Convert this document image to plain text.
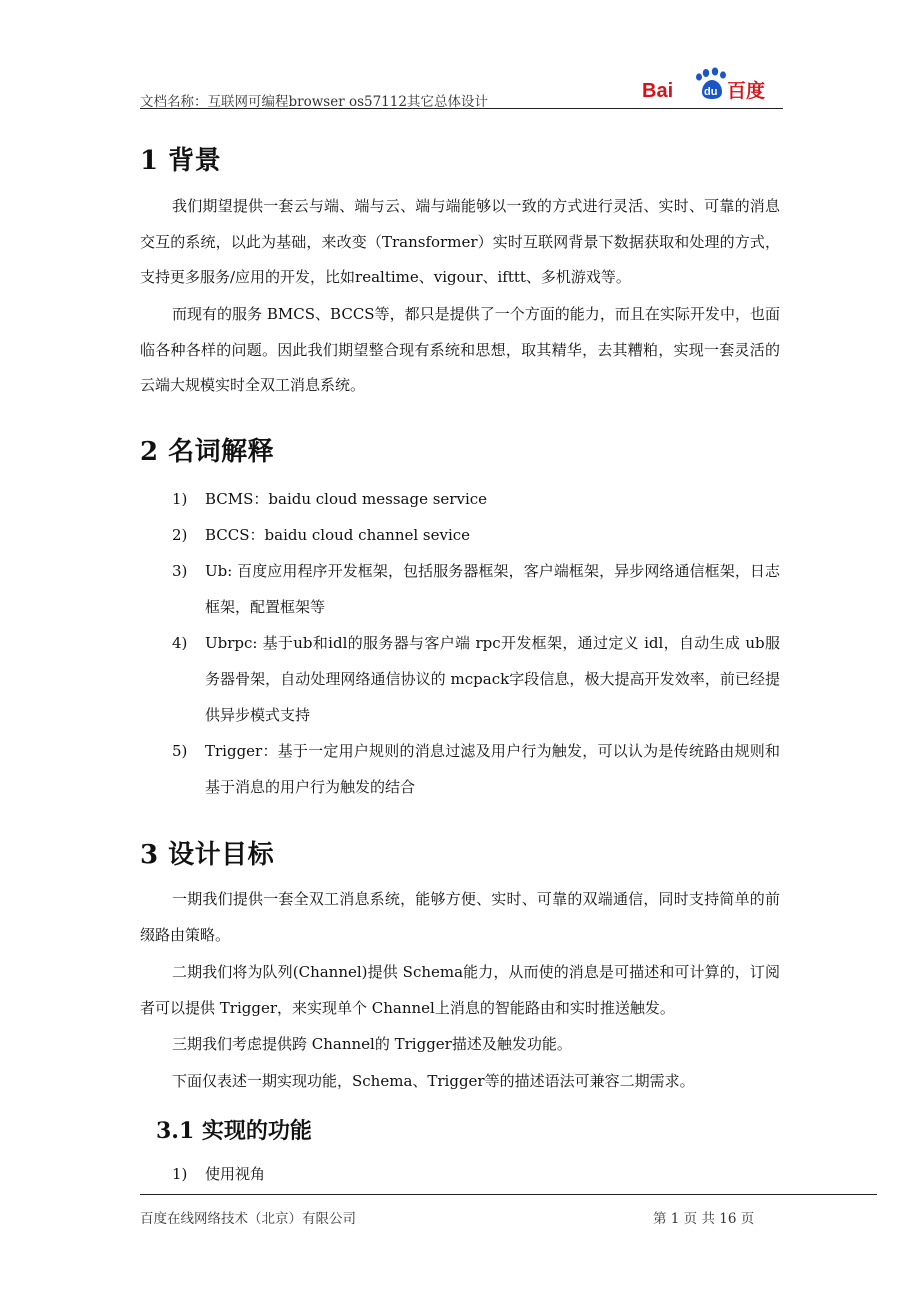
文档名称：互联网可编程browser os57112其它总体设计	Bai	du 百度
1 背景

我们期望提供一套云与端、端与云、端与端能够以一致的方式进行灵活、实时、可靠的消息交互的系统，以此为基础，来改变（Transformer）实时互联网背景下数据获取和处理的方式，支持更多服务/应用的开发，比如realtime、vigour、ifttt、多机游戏等。

而现有的服务 BMCS、BCCS等，都只是提供了一个方面的能力，而且在实际开发中，也面临各种各样的问题。因此我们期望整合现有系统和思想，取其精华，去其糟粕，实现一套灵活的云端大规模实时全双工消息系统。

2 名词解释
1)	BCMS：baidu cloud message service
2)	BCCS：baidu cloud channel sevice
3)	Ub: 百度应用程序开发框架，包括服务器框架，客户端框架，异步网络通信框架，日志框架，配置框架等
4)	Ubrpc: 基于ub和idl的服务器与客户端 rpc开发框架，通过定义 idl，自动生成 ub服务器骨架，自动处理网络通信协议的 mcpack字段信息，极大提高开发效率，前已经提供异步模式支持
5)	Trigger：基于一定用户规则的消息过滤及用户行为触发，可以认为是传统路由规则和基于消息的用户行为触发的结合
3 设计目标

一期我们提供一套全双工消息系统，能够方便、实时、可靠的双端通信，同时支持简单的前缀路由策略。

二期我们将为队列(Channel)提供 Schema能力，从而使的消息是可描述和可计算的，订阅者可以提供 Trigger，来实现单个 Channel上消息的智能路由和实时推送触发。

三期我们考虑提供跨 Channel的 Trigger描述及触发功能。

下面仅表述一期实现功能，Schema、Trigger等的描述语法可兼容二期需求。

3.1 实现的功能
1)	使用视角
百度在线网络技术（北京）有限公司	第 1 页 共 16 页
